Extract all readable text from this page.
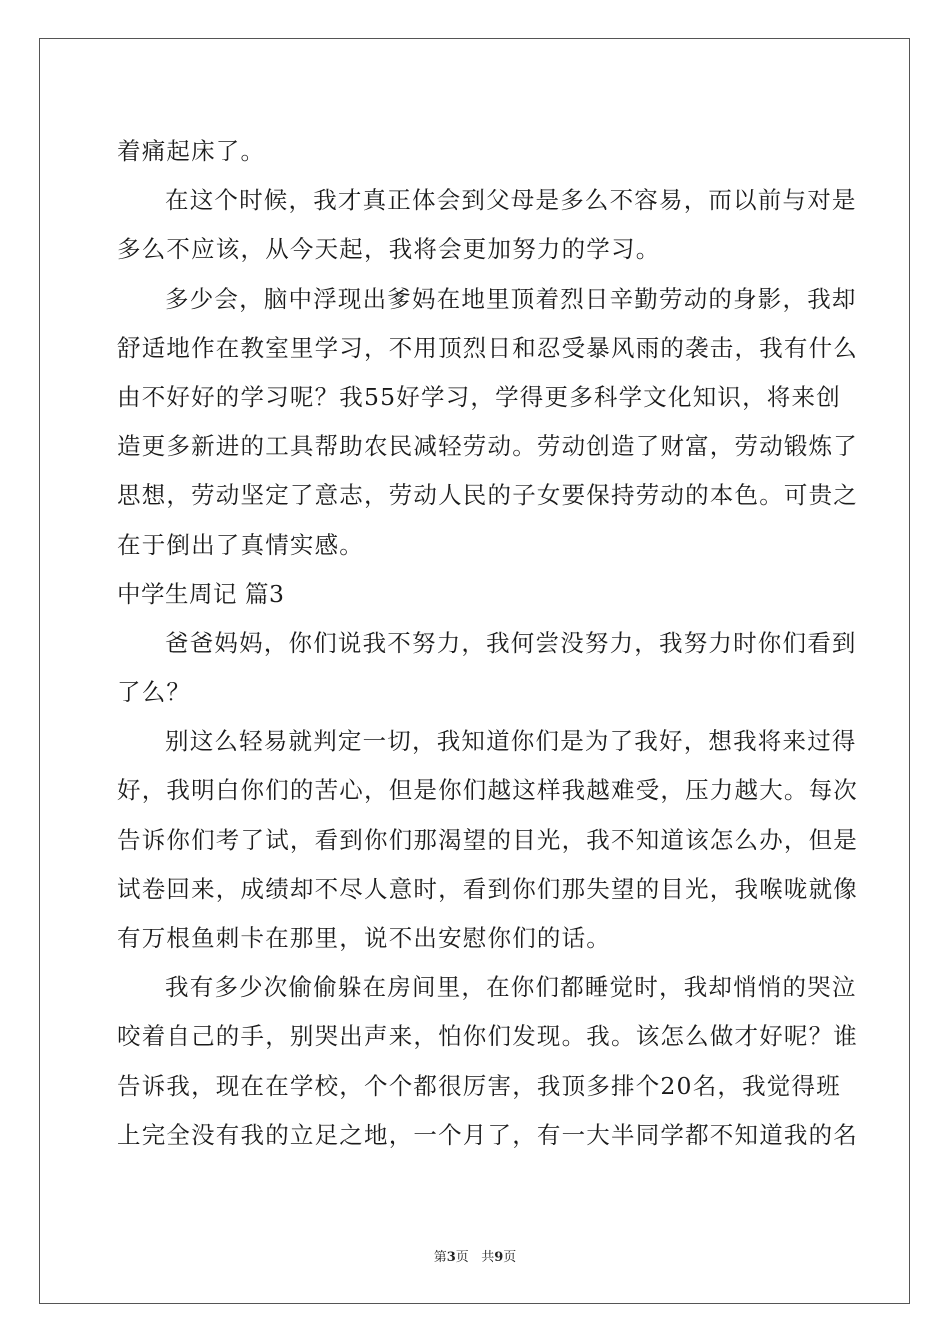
着痛起床了。
在这个时候，我才真正体会到父母是多么不容易，而以前与对是
多么不应该，从今天起，我将会更加努力的学习。
多少会，脑中浮现出爹妈在地里顶着烈日辛勤劳动的身影，我却
舒适地作在教室里学习，不用顶烈日和忍受暴风雨的袭击，我有什么
由不好好的学习呢？我55好学习，学得更多科学文化知识，将来创
造更多新进的工具帮助农民减轻劳动。劳动创造了财富，劳动锻炼了
思想，劳动坚定了意志，劳动人民的子女要保持劳动的本色。可贵之
在于倒出了真情实感。
中学生周记 篇3
爸爸妈妈，你们说我不努力，我何尝没努力，我努力时你们看到
了么？
别这么轻易就判定一切，我知道你们是为了我好，想我将来过得
好，我明白你们的苦心，但是你们越这样我越难受，压力越大。每次
告诉你们考了试，看到你们那渴望的目光，我不知道该怎么办，但是
试卷回来，成绩却不尽人意时，看到你们那失望的目光，我喉咙就像
有万根鱼刺卡在那里，说不出安慰你们的话。
我有多少次偷偷躲在房间里，在你们都睡觉时，我却悄悄的哭泣
咬着自己的手，别哭出声来，怕你们发现。我。该怎么做才好呢？谁
告诉我，现在在学校，个个都很厉害，我顶多排个20名，我觉得班
上完全没有我的立足之地，一个月了，有一大半同学都不知道我的名
第3页   共9页
